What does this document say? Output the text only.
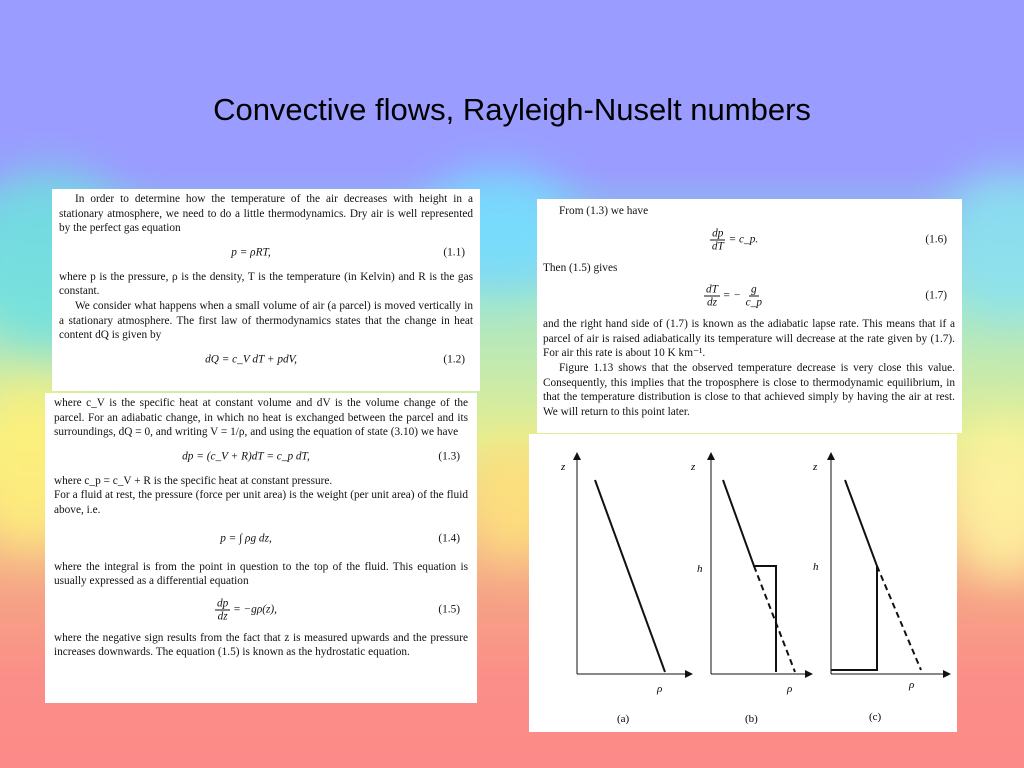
Convective flows, Rayleigh-Nuselt numbers

In order to determine how the temperature of the air decreases with height in a stationary atmosphere, we need to do a little thermodynamics. Dry air is well represented by the perfect gas equation

p = ρRT,	(1.1)

where p is the pressure, ρ is the density, T is the temperature (in Kelvin) and R is the gas constant.

We consider what happens when a small volume of air (a parcel) is moved vertically in a stationary atmosphere. The first law of thermodynamics states that the change in heat content dQ is given by

dQ = c_V dT + pdV,	(1.2)

where c_V is the specific heat at constant volume and dV is the volume change of the parcel. For an adiabatic change, in which no heat is exchanged between the parcel and its surroundings, dQ = 0, and writing V = 1/ρ, and using the equation of state (3.10) we have

dp = (c_V + R)dT = c_p dT,	(1.3)

where c_p = c_V + R is the specific heat at constant pressure.

For a fluid at rest, the pressure (force per unit area) is the weight (per unit area) of the fluid above, i.e.

p = ∫ ρg dz,	(1.4)

where the integral is from the point in question to the top of the fluid. This equation is usually expressed as a differential equation

$\frac{dp}{dz} = -g\rho(z)$,	(1.5)

where the negative sign results from the fact that z is measured upwards and the pressure increases downwards. The equation (1.5) is known as the hydrostatic equation.

From (1.3) we have

$\frac{dp}{dT}$ = c_p.	(1.6)

Then (1.5) gives

$\frac{dT}{dz}$ = − $\frac{g}{c\_p}$	(1.7)

and the right hand side of (1.7) is known as the adiabatic lapse rate. This means that if a parcel of air is raised adiabatically its temperature will decrease at the rate given by (1.7). For air this rate is about 10 K km⁻¹.

Figure 1.13 shows that the observed temperature decrease is very close this value. Consequently, this implies that the troposphere is close to thermodynamic equilibrium, in that the temperature distribution is close to that achieved simply by having the air at rest. We will return to this point later.

z
ρ
(a)
z
h
ρ
(b)
z
h
ρ
(c)
